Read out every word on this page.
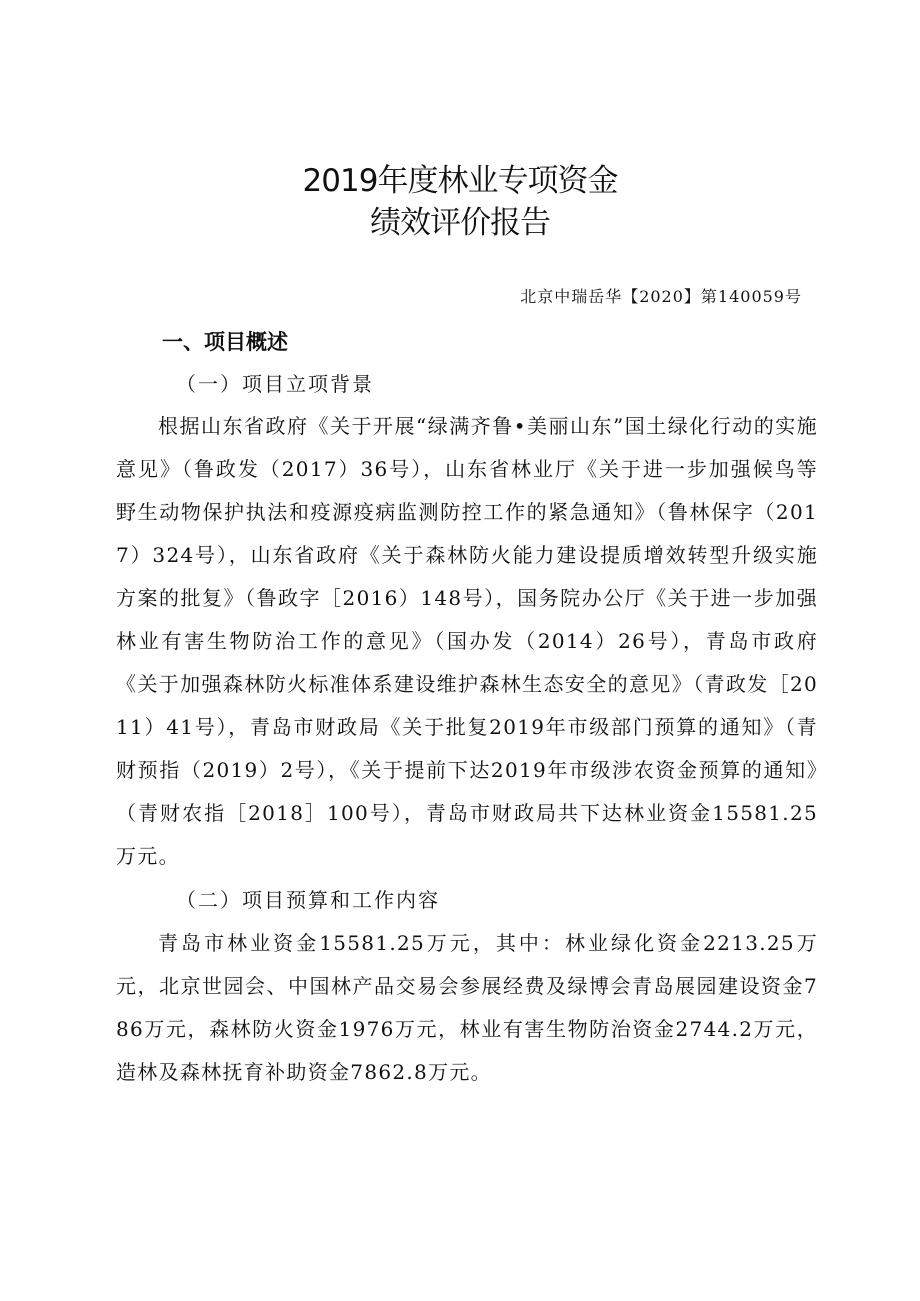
2019年度林业专项资金
绩效评价报告
北京中瑞岳华【2020】第140059号
一、项目概述
（一）项目立项背景
根据山东省政府《关于开展“绿满齐鲁•美丽山东”国土绿化行动的实施意见》（鲁政发（2017）36号），山东省林业厅《关于进一步加强候鸟等野生动物保护执法和疫源疫病监测防控工作的紧急通知》（鲁林保字（2017）324号），山东省政府《关于森林防火能力建设提质增效转型升级实施方案的批复》（鲁政字［2016）148号），国务院办公厅《关于进一步加强林业有害生物防治工作的意见》（国办发（2014）26号），青岛市政府《关于加强森林防火标准体系建设维护森林生态安全的意见》（青政发［2011）41号），青岛市财政局《关于批复2019年市级部门预算的通知》（青财预指（2019）2号），《关于提前下达2019年市级涉农资金预算的通知》（青财农指［2018］100号），青岛市财政局共下达林业资金15581.25万元。
（二）项目预算和工作内容
青岛市林业资金15581.25万元，其中：林业绿化资金2213.25万元，北京世园会、中国林产品交易会参展经费及绿博会青岛展园建设资金786万元，森林防火资金1976万元，林业有害生物防治资金2744.2万元，造林及森林抚育补助资金7862.8万元。
